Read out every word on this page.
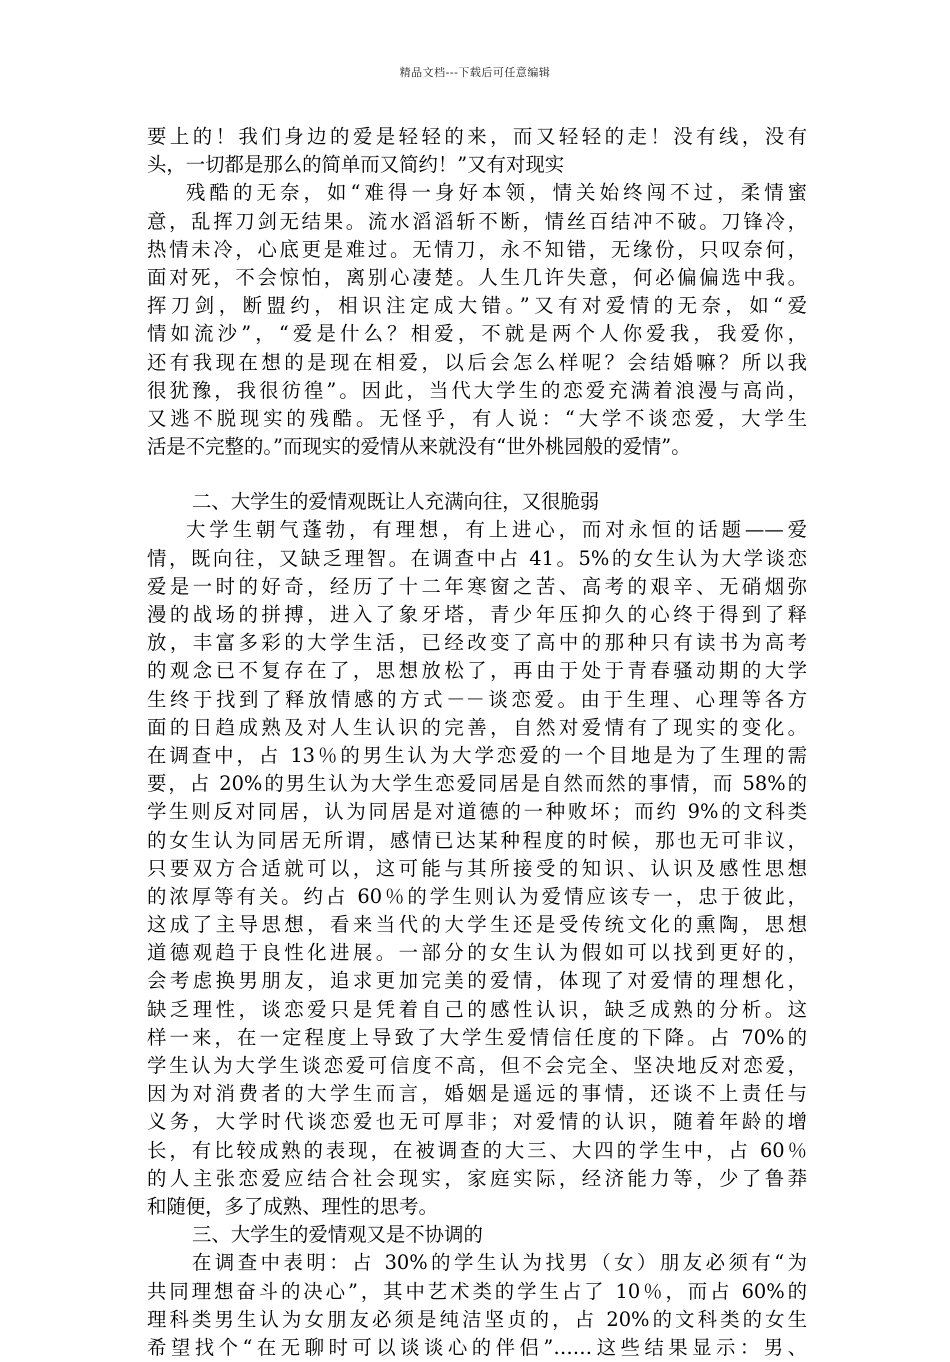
精品文档---下载后可任意编辑
要上的！我们身边的爱是轻轻的来，而又轻轻的走！没有线，没有
头，一切都是那么的简单而又简约！”又有对现实
残酷的无奈，如“难得一身好本领，情关始终闯不过，柔情蜜
意，乱挥刀剑无结果。流水滔滔斩不断，情丝百结冲不破。刀锋冷，
热情未冷，心底更是难过。无情刀，永不知错，无缘份，只叹奈何，
面对死，不会惊怕，离别心凄楚。人生几许失意，何必偏偏选中我。
挥刀剑，断盟约，相识注定成大错。”又有对爱情的无奈，如“爱
情如流沙”，“爱是什么？相爱，不就是两个人你爱我，我爱你，
还有我现在想的是现在相爱，以后会怎么样呢？会结婚嘛？所以我
很犹豫，我很彷徨”。因此，当代大学生的恋爱充满着浪漫与高尚，
又逃不脱现实的残酷。无怪乎，有人说：“大学不谈恋爱，大学生
活是不完整的。”而现实的爱情从来就没有“世外桃园般的爱情”。
二、大学生的爱情观既让人充满向往，又很脆弱
大学生朝气蓬勃，有理想，有上进心，而对永恒的话题——爱
情，既向往，又缺乏理智。在调查中占 41。5%的女生认为大学谈恋
爱是一时的好奇，经历了十二年寒窗之苦、高考的艰辛、无硝烟弥
漫的战场的拼搏，进入了象牙塔，青少年压抑久的心终于得到了释
放，丰富多彩的大学生活，已经改变了高中的那种只有读书为高考
的观念已不复存在了，思想放松了，再由于处于青春骚动期的大学
生终于找到了释放情感的方式－－谈恋爱。由于生理、心理等各方
面的日趋成熟及对人生认识的完善，自然对爱情有了现实的变化。
在调查中，占 13％的男生认为大学恋爱的一个目地是为了生理的需
要，占 20%的男生认为大学生恋爱同居是自然而然的事情，而 58%的
学生则反对同居，认为同居是对道德的一种败坏；而约 9%的文科类
的女生认为同居无所谓，感情已达某种程度的时候，那也无可非议，
只要双方合适就可以，这可能与其所接受的知识、认识及感性思想
的浓厚等有关。约占 60％的学生则认为爱情应该专一，忠于彼此，
这成了主导思想，看来当代的大学生还是受传统文化的熏陶，思想
道德观趋于良性化进展。一部分的女生认为假如可以找到更好的，
会考虑换男朋友，追求更加完美的爱情，体现了对爱情的理想化，
缺乏理性，谈恋爱只是凭着自己的感性认识，缺乏成熟的分析。这
样一来，在一定程度上导致了大学生爱情信任度的下降。占 70%的
学生认为大学生谈恋爱可信度不高，但不会完全、坚决地反对恋爱，
因为对消费者的大学生而言，婚姻是遥远的事情，还谈不上责任与
义务，大学时代谈恋爱也无可厚非；对爱情的认识，随着年龄的增
长，有比较成熟的表现，在被调查的大三、大四的学生中，占 60％
的人主张恋爱应结合社会现实，家庭实际，经济能力等，少了鲁莽
和随便，多了成熟、理性的思考。
三、大学生的爱情观又是不协调的
在调查中表明：占 30%的学生认为找男（女）朋友必须有“为
共同理想奋斗的决心”，其中艺术类的学生占了 10％，而占 60%的
理科类男生认为女朋友必须是纯洁坚贞的，占 20%的文科类的女生
希望找个“在无聊时可以谈谈心的伴侣”……这些结果显示：男、
